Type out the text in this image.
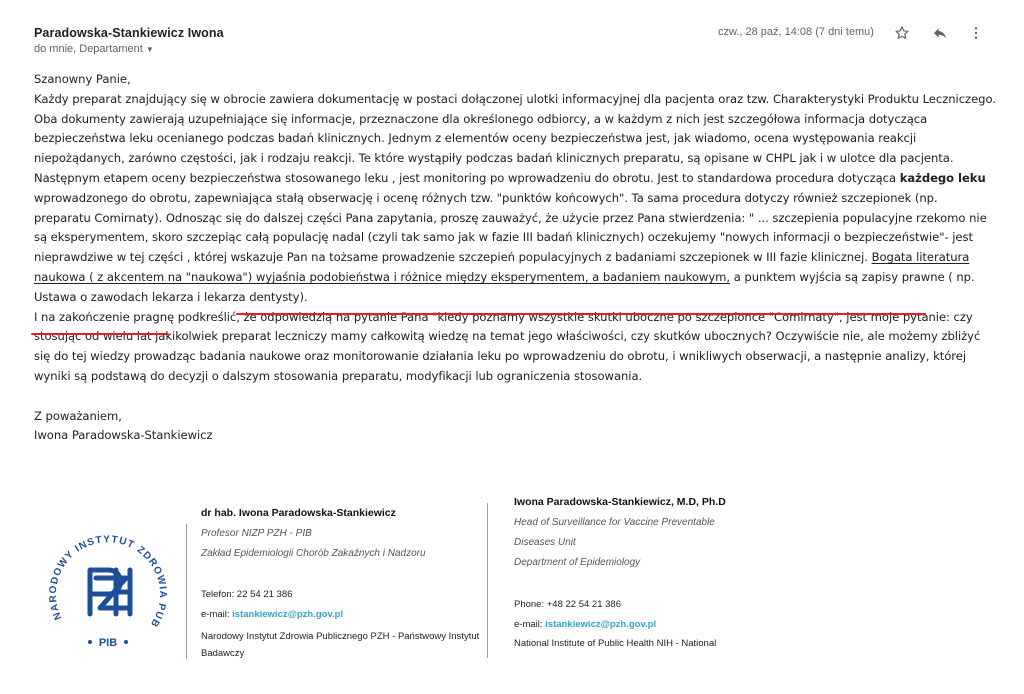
Paradowska-Stankiewicz Iwona
do mnie, Departament ▼
czw., 28 paź, 14:08 (7 dni temu)

Szanowny Panie,

Każdy preparat znajdujący się w obrocie zawiera dokumentację w postaci dołączonej ulotki informacyjnej dla pacjenta oraz tzw. Charakterystyki Produktu Leczniczego. Oba dokumenty zawierają uzupełniające się informacje, przeznaczone dla określonego odbiorcy, a w każdym z nich jest szczegółowa informacja dotycząca bezpieczeństwa leku ocenianego podczas badań klinicznych. Jednym z elementów oceny bezpieczeństwa jest, jak wiadomo, ocena występowania reakcji niepożądanych, zarówno częstości, jak i rodzaju reakcji. Te które wystąpiły podczas badań klinicznych preparatu, są opisane w CHPL jak i w ulotce dla pacjenta. Następnym etapem oceny bezpieczeństwa stosowanego leku , jest monitoring po wprowadzeniu do obrotu. Jest to standardowa procedura dotycząca każdego leku wprowadzonego do obrotu, zapewniająca stałą obserwację i ocenę różnych tzw. "punktów końcowych". Ta sama procedura dotyczy również szczepionek (np. preparatu Comirnaty). Odnosząc się do dalszej części Pana zapytania, proszę zauważyć, że użycie przez Pana stwierdzenia: " ... szczepienia populacyjne rzekomo nie są eksperymentem, skoro szczepiąc całą populację nadal (czyli tak samo jak w fazie III badań klinicznych) oczekujemy "nowych informacji o bezpieczeństwie"- jest nieprawdziwe w tej części , której wskazuje Pan na tożsame prowadzenie szczepień populacyjnych z badaniami szczepionek w III fazie klinicznej. Bogata literatura naukowa ( z akcentem na "naukowa") wyjaśnia podobieństwa i różnice między eksperymentem, a badaniem naukowym, a punktem wyjścia są zapisy prawne ( np. Ustawa o zawodach lekarza i lekarza dentysty).

I na zakończenie pragnę podkreślić, że odpowiedzią na pytanie Pana "kiedy poznamy wszystkie skutki uboczne po szczepionce "Comirnaty", jest moje pytanie: czy stosując od wielu lat jakikolwiek preparat leczniczy mamy całkowitą wiedzę na temat jego właściwości, czy skutków ubocznych? Oczywiście nie, ale możemy zbliżyć się do tej wiedzy prowadząc badania naukowe oraz monitorowanie działania leku po wprowadzeniu do obrotu, i wnikliwych obserwacji, a następnie analizy, której wyniki są podstawą do decyzji o dalszym stosowania preparatu, modyfikacji lub ograniczenia stosowania.

Z poważaniem,

Iwona Paradowska-Stankiewicz

NARODOWY INSTYTUT ZDROWIA PUB
PIB
dr hab. Iwona Paradowska-Stankiewicz
Profesor NIZP PZH - PIB
Zakład Epidemiologii Chorób Zakaźnych i Nadzoru
Telefon: 22 54 21 386
e-mail: istankiewicz@pzh.gov.pl
Narodowy Instytut Zdrowia Publicznego PZH - Państwowy Instytut Badawczy
Iwona Paradowska-Stankiewicz, M.D, Ph.D
Head of Surveillance for Vaccine Preventable
Diseases Unit
Department of Epidemiology
Phone: +48 22 54 21 386
e-mail: istankiewicz@pzh.gov.pl
National Institute of Public Health NIH - National
